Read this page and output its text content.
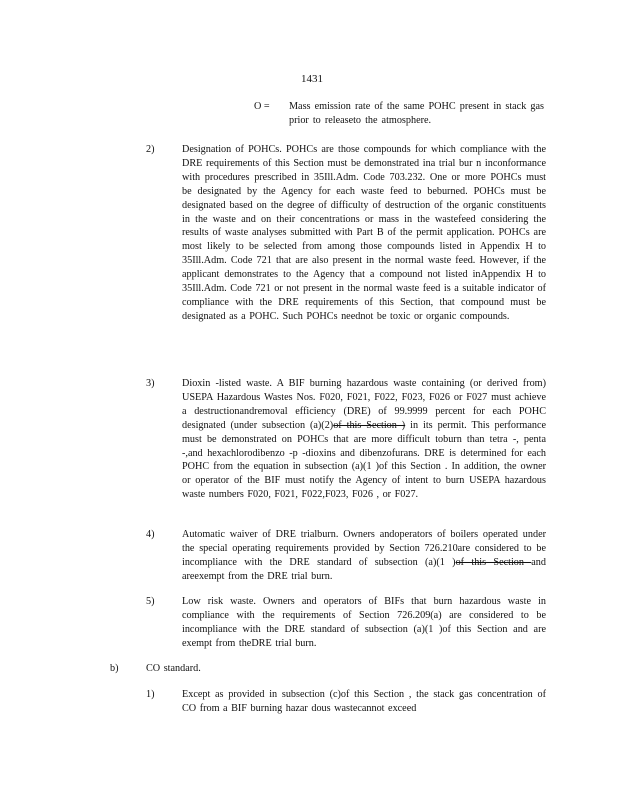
1431
O =	Mass emission rate of the same POHC present in stack gas prior to releaseto the atmosphere.
2)	Designation of POHCs. POHCs are those compounds for which compliance with the DRE requirements of this Section must be demonstrated ina trial bur n inconformance with procedures prescribed in 35Ill.Adm. Code 703.232. One or more POHCs must be designated by the Agency for each waste feed to beburned. POHCs must be designated based on the degree of difficulty of destruction of the organic constituents in the waste and on their concentrations or mass in the wastefeed considering the results of waste analyses submitted with Part B of the permit application. POHCs are most likely to be selected from among those compounds listed in Appendix H to 35Ill.Adm. Code 721 that are also present in the normal waste feed. However, if the applicant demonstrates to the Agency that a compound not listed inAppendix H to 35Ill.Adm. Code 721 or not present in the normal waste feed is a suitable indicator of compliance with the DRE requirements of this Section, that compound must be designated as a POHC. Such POHCs neednot be toxic or organic compounds.
3)	Dioxin -listed waste. A BIF burning hazardous waste containing (or derived from) USEPA Hazardous Wastes Nos. F020, F021, F022, F023, F026 or F027 must achieve a destructionandremoval efficiency (DRE) of 99.9999 percent for each POHC designated (under subsection (a)(2)of this Section ) in its permit. This performance must be demonstrated on POHCs that are more difficult toburn than tetra -, penta -,and hexachlorodibenzo -p -dioxins and dibenzofurans. DRE is determined for each POHC from the equation in subsection (a)(1 )of this Section . In addition, the owner or operator of the BIF must notify the Agency of intent to burn USEPA hazardous waste numbers F020, F021, F022,F023, F026 , or F027.
4)	Automatic waiver of DRE trialburn. Owners andoperators of boilers operated under the special operating requirements provided by Section 726.210are considered to be incompliance with the DRE standard of subsection (a)(1 )of this Section and areexempt from the DRE trial burn.
5)	Low risk waste. Owners and operators of BIFs that burn hazardous waste in compliance with the requirements of Section 726.209(a) are considered to be incompliance with the DRE standard of subsection (a)(1 )of this Section and are exempt from theDRE trial burn.
b)	CO standard.
1)	Except as provided in subsection (c)of this Section , the stack gas concentration of CO from a BIF burning hazar dous wastecannot exceed
